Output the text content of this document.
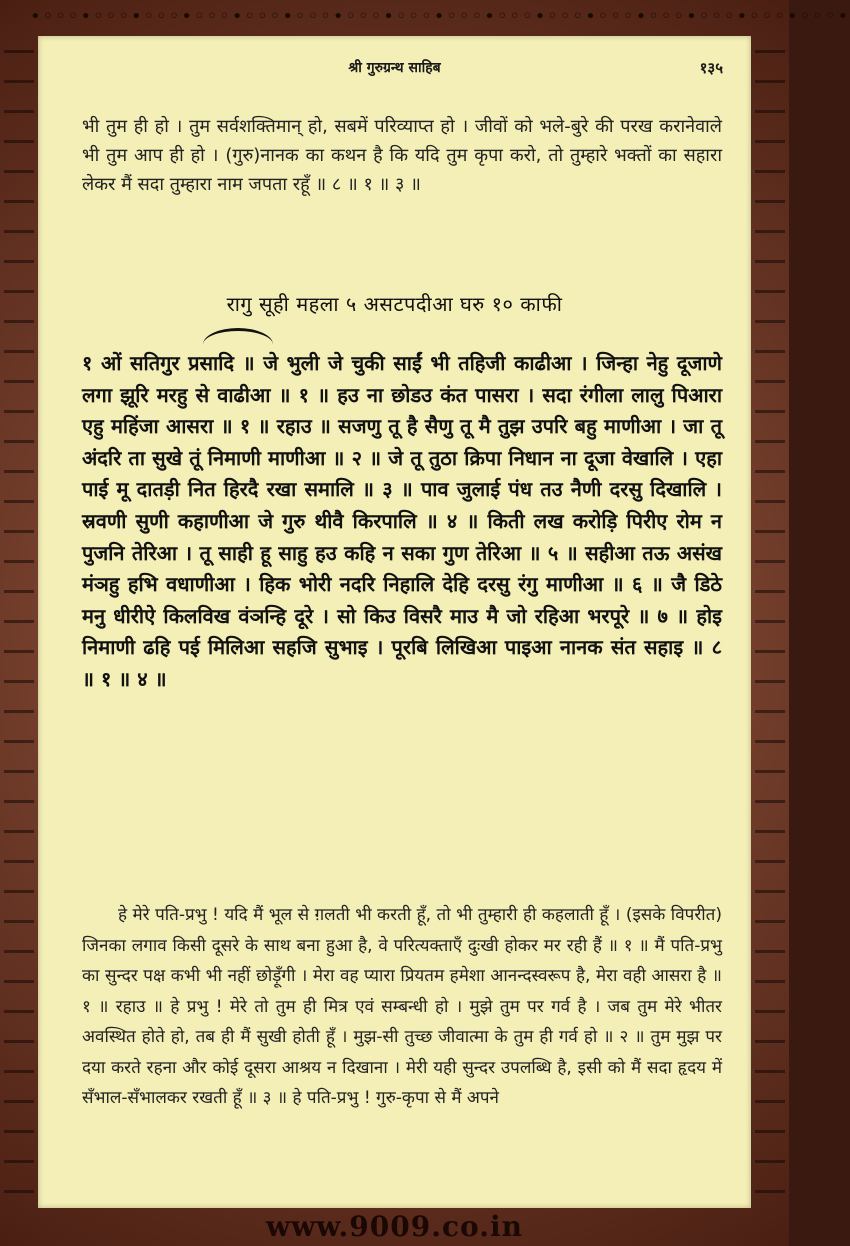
•◦◦◦•◦◦◦•◦◦◦•◦◦◦•◦◦◦•◦◦◦•◦◦◦•◦◦◦•◦◦◦•◦◦◦•◦◦◦•◦◦◦•◦◦◦•◦◦◦•◦◦◦•◦◦◦•
श्री गुरुग्रन्थ साहिब	१३५
भी तुम ही हो । तुम सर्वशक्तिमान् हो, सबमें परिव्याप्त हो । जीवों को भले-बुरे की परख करानेवाले भी तुम आप ही हो । (गुरु)नानक का कथन है कि यदि तुम कृपा करो, तो तुम्हारे भक्तों का सहारा लेकर मैं सदा तुम्हारा नाम जपता रहूँ ॥ ८ ॥ १ ॥ ३ ॥
रागु सूही महला ५ असटपदीआ घरु १० काफी
१ ओं सतिगुर प्रसादि ॥ जे भुली जे चुकी साईं भी तहिजी काढीआ । जिन्हा नेहु दूजाणे लगा झूरि मरहु से वाढीआ ॥ १ ॥ हउ ना छोडउ कंत पासरा । सदा रंगीला लालु पिआरा एहु महिंजा आसरा ॥ १ ॥ रहाउ ॥ सजणु तू है सैणु तू मै तुझ उपरि बहु माणीआ । जा तू अंदरि ता सुखे तूं निमाणी माणीआ ॥ २ ॥ जे तू तुठा क्रिपा निधान ना दूजा वेखालि । एहा पाई मू दातड़ी नित हिरदै रखा समालि ॥ ३ ॥ पाव जुलाई पंध तउ नैणी दरसु दिखालि । स्रवणी सुणी कहाणीआ जे गुरु थीवै किरपालि ॥ ४ ॥ किती लख करोड़ि पिरीए रोम न पुजनि तेरिआ । तू साही हू साहु हउ कहि न सका गुण तेरिआ ॥ ५ ॥ सहीआ तऊ असंख मंञहु हभि वधाणीआ । हिक भोरी नदरि निहालि देहि दरसु रंगु माणीआ ॥ ६ ॥ जै डिठे मनु धीरीऐ किलविख वंञन्हि दूरे । सो किउ विसरै माउ मै जो रहिआ भरपूरे ॥ ७ ॥ होइ निमाणी ढहि पई मिलिआ सहजि सुभाइ । पूरबि लिखिआ पाइआ नानक संत सहाइ ॥ ८ ॥ १ ॥ ४ ॥
हे मेरे पति-प्रभु ! यदि मैं भूल से ग़लती भी करती हूँ, तो भी तुम्हारी ही कहलाती हूँ । (इसके विपरीत) जिनका लगाव किसी दूसरे के साथ बना हुआ है, वे परित्यक्ताएँ दुःखी होकर मर रही हैं ॥ १ ॥ मैं पति-प्रभु का सुन्दर पक्ष कभी भी नहीं छोड़ूँगी । मेरा वह प्यारा प्रियतम हमेशा आनन्दस्वरूप है, मेरा वही आसरा है ॥ १ ॥ रहाउ ॥ हे प्रभु ! मेरे तो तुम ही मित्र एवं सम्बन्धी हो । मुझे तुम पर गर्व है । जब तुम मेरे भीतर अवस्थित होते हो, तब ही मैं सुखी होती हूँ । मुझ-सी तुच्छ जीवात्मा के तुम ही गर्व हो ॥ २ ॥ तुम मुझ पर दया करते रहना और कोई दूसरा आश्रय न दिखाना । मेरी यही सुन्दर उपलब्धि है, इसी को मैं सदा हृदय में सँभाल-सँभालकर रखती हूँ ॥ ३ ॥ हे पति-प्रभु ! गुरु-कृपा से मैं अपने
www.9009.co.in
